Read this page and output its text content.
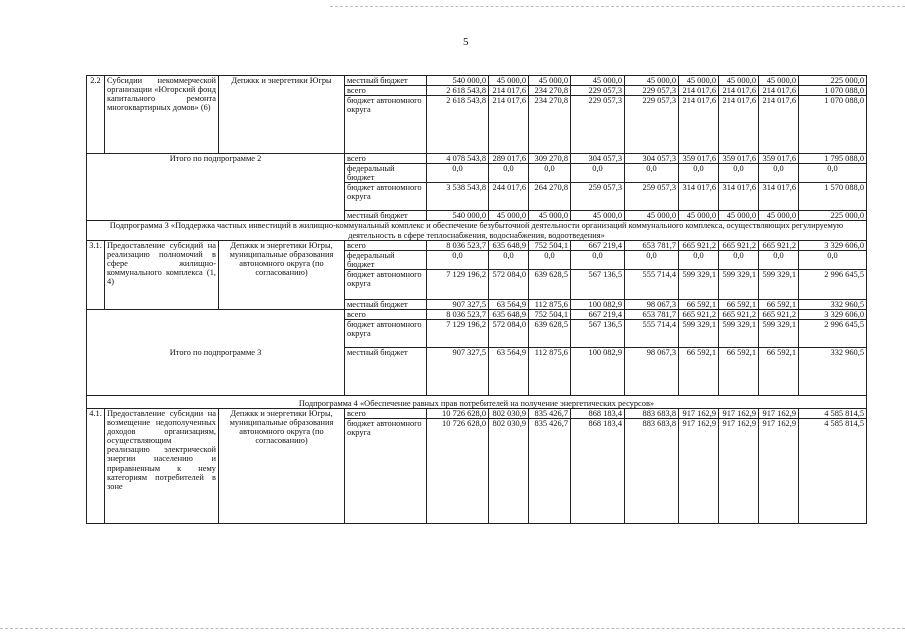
5
2.2	Субсидии некоммерческой организации «Югорский фонд капитального ремонта многоквартирных домов» (6)	Депжкк и энергетики Югры	местный бюджет	540 000,0	45 000,0	45 000,0	45 000,0	45 000,0	45 000,0	45 000,0	45 000,0	225 000,0
			всего	2 618 543,8	214 017,6	234 270,8	229 057,3	229 057,3	214 017,6	214 017,6	214 017,6	1 070 088,0
			бюджет автономного округа	2 618 543,8	214 017,6	234 270,8	229 057,3	229 057,3	214 017,6	214 017,6	214 017,6	1 070 088,0
Итого по подпрограмме 2			всего	4 078 543,8	289 017,6	309 270,8	304 057,3	304 057,3	359 017,6	359 017,6	359 017,6	1 795 088,0
			федеральный бюджет	0,0	0,0	0,0	0,0	0,0	0,0	0,0	0,0	0,0
			бюджет автономного округа	3 538 543,8	244 017,6	264 270,8	259 057,3	259 057,3	314 017,6	314 017,6	314 017,6	1 570 088,0
			местный бюджет	540 000,0	45 000,0	45 000,0	45 000,0	45 000,0	45 000,0	45 000,0	45 000,0	225 000,0
Подпрограмма 3 «Поддержка частных инвестиций в жилищно-коммунальный комплекс и обеспечение безубыточной деятельности организаций коммунального комплекса, осуществляющих регулируемую деятельность в сфере теплоснабжения, водоснабжения, водоотведения»												
3.1.	Предоставление субсидий на реализацию полномочий в сфере жилищно-коммунального комплекса (1, 4)	Депжкк и энергетики Югры, муниципальные образования автономного округа (по согласованию)	всего	8 036 523,7	635 648,9	752 504,1	667 219,4	653 781,7	665 921,2	665 921,2	665 921,2	3 329 606,0
			федеральный бюджет	0,0	0,0	0,0	0,0	0,0	0,0	0,0	0,0	0,0
			бюджет автономного округа	7 129 196,2	572 084,0	639 628,5	567 136,5	555 714,4	599 329,1	599 329,1	599 329,1	2 996 645,5
			местный бюджет	907 327,5	63 564,9	112 875,6	100 082,9	98 067,3	66 592,1	66 592,1	66 592,1	332 960,5
Итого по подпрограмме 3			всего	8 036 523,7	635 648,9	752 504,1	667 219,4	653 781,7	665 921,2	665 921,2	665 921,2	3 329 606,0
			бюджет автономного округа	7 129 196,2	572 084,0	639 628,5	567 136,5	555 714,4	599 329,1	599 329,1	599 329,1	2 996 645,5
			местный бюджет	907 327,5	63 564,9	112 875,6	100 082,9	98 067,3	66 592,1	66 592,1	66 592,1	332 960,5
Подпрограмма 4 «Обеспечение равных прав потребителей на получение энергетических ресурсов»												
4.1.	Предоставление субсидии на возмещение недополученных доходов организациям, осуществляющим реализацию электрической энергии населению и приравненным к нему категориям потребителей в зоне	Депжкк и энергетики Югры, муниципальные образования автономного округа (по согласованию)	всего	10 726 628,0	802 030,9	835 426,7	868 183,4	883 683,8	917 162,9	917 162,9	917 162,9	4 585 814,5
			бюджет автономного округа	10 726 628,0	802 030,9	835 426,7	868 183,4	883 683,8	917 162,9	917 162,9	917 162,9	4 585 814,5
